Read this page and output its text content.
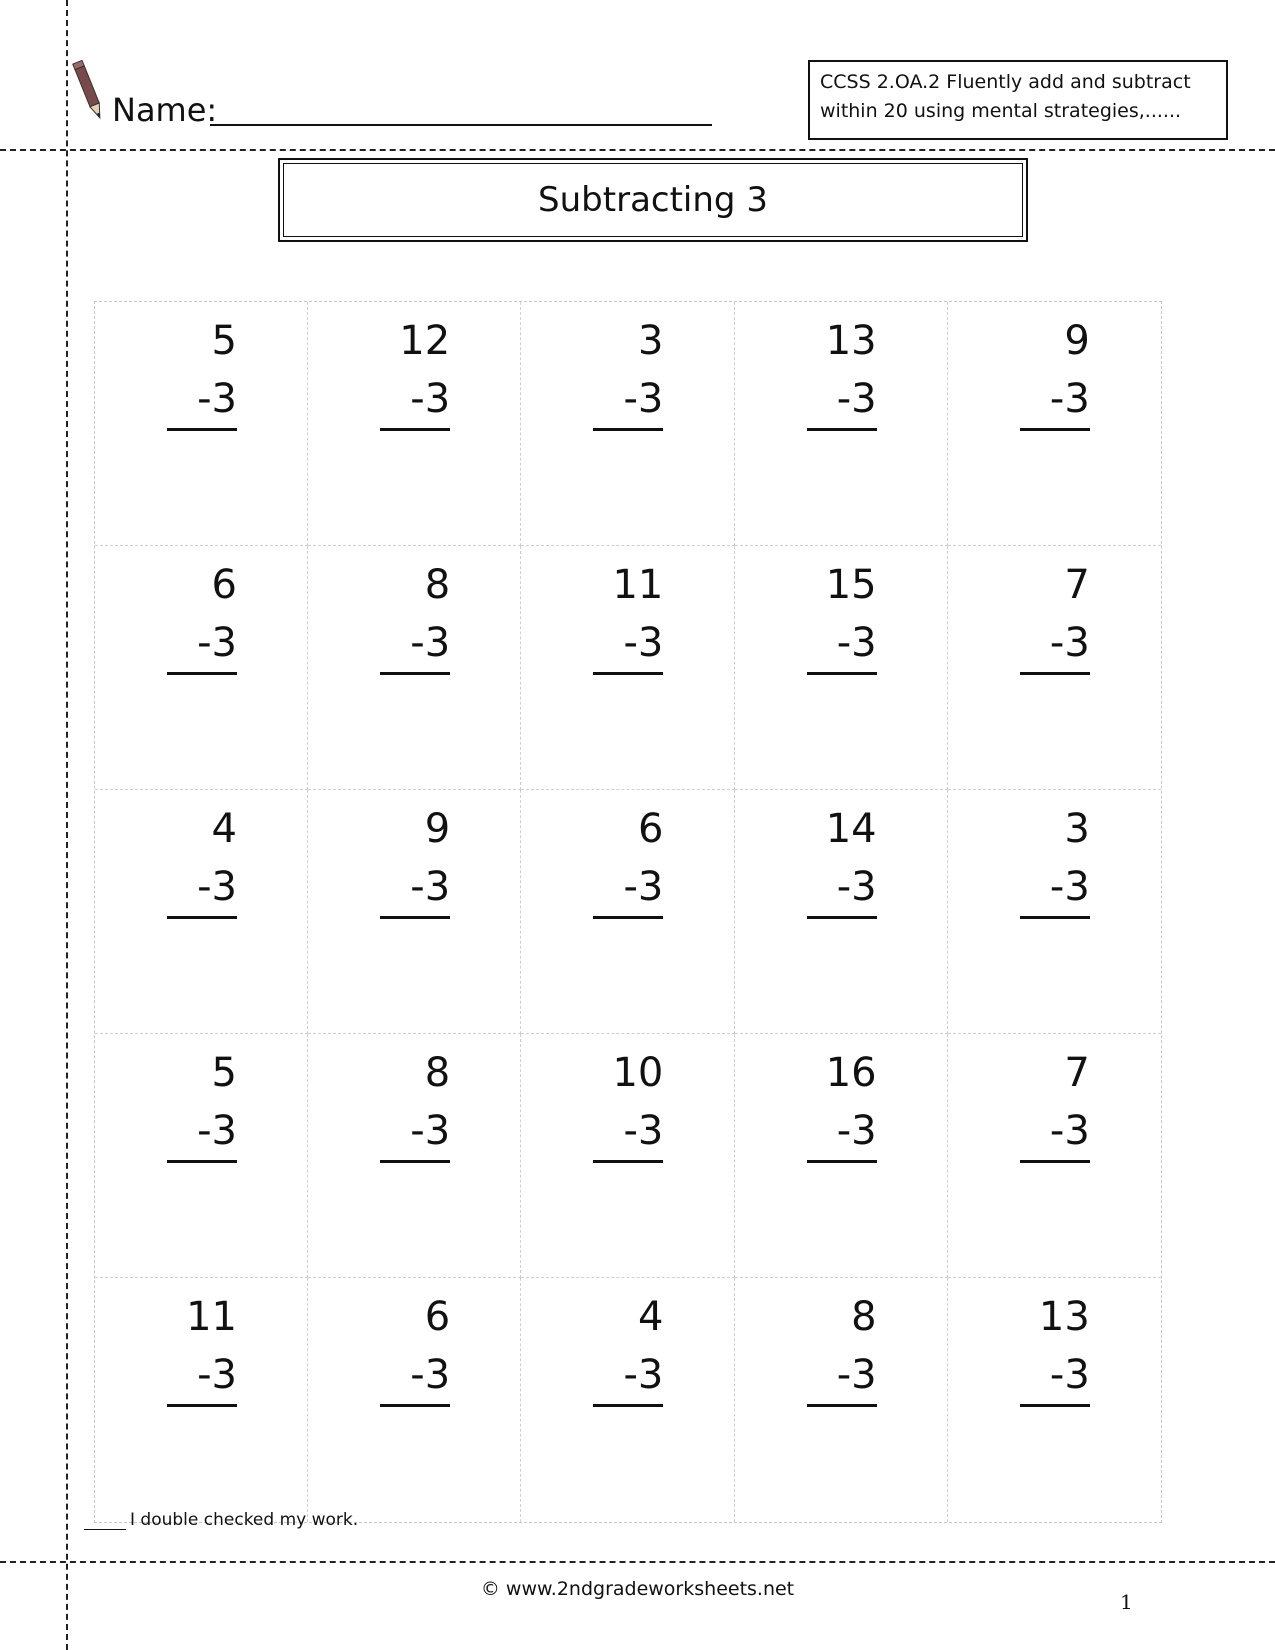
Name:
CCSS 2.OA.2 Fluently add and subtract within 20 using mental strategies,......
Subtracting 3
5
-3
12
-3
3
-3
13
-3
9
-3
6
-3
8
-3
11
-3
15
-3
7
-3
4
-3
9
-3
6
-3
14
-3
3
-3
5
-3
8
-3
10
-3
16
-3
7
-3
11
-3
6
-3
4
-3
8
-3
13
-3
I double checked my work.
© www.2ndgradeworksheets.net
1
